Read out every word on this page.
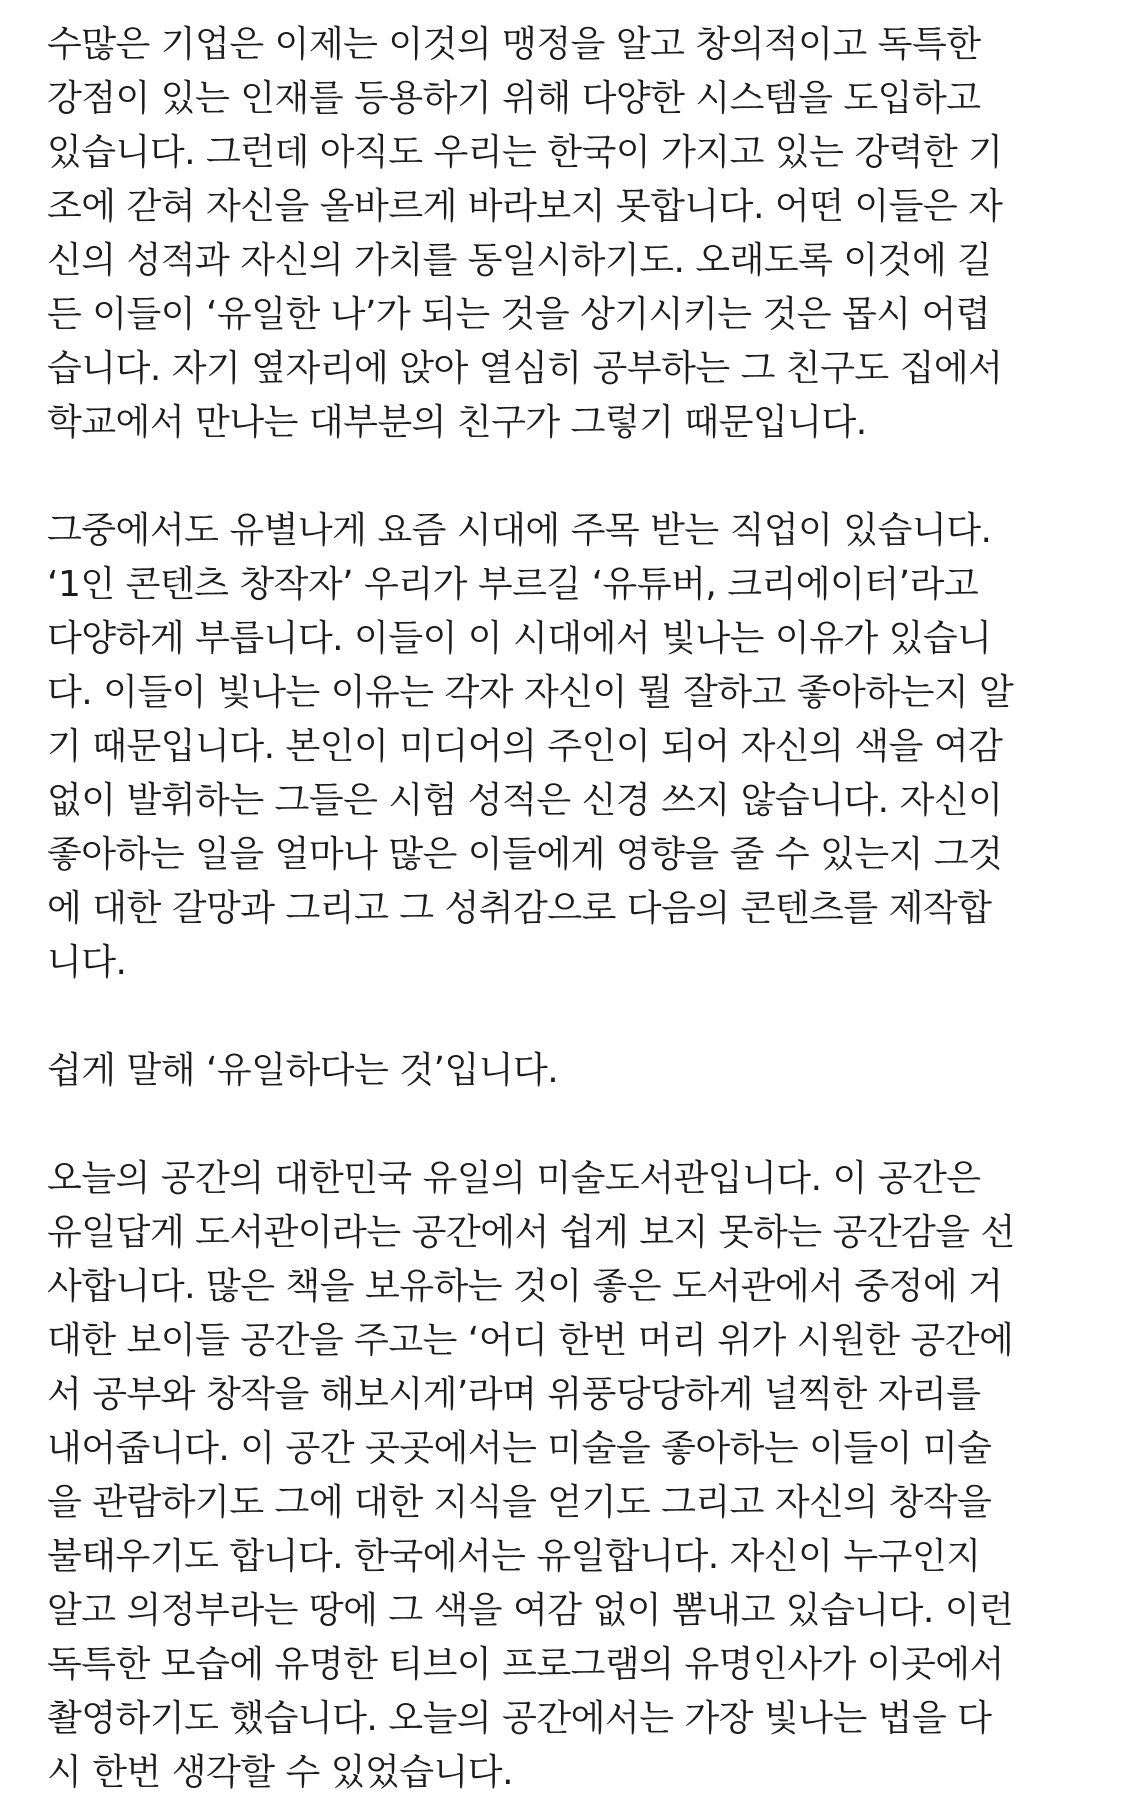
수많은 기업은 이제는 이것의 맹정을 알고 창의적이고 독특한
강점이 있는 인재를 등용하기 위해 다양한 시스템을 도입하고
있습니다. 그런데 아직도 우리는 한국이 가지고 있는 강력한 기
조에 갇혀 자신을 올바르게 바라보지 못합니다. 어떤 이들은 자
신의 성적과 자신의 가치를 동일시하기도. 오래도록 이것에 길
든 이들이 ‘유일한 나’가 되는 것을 상기시키는 것은 몹시 어렵
습니다. 자기 옆자리에 앉아 열심히 공부하는 그 친구도 집에서
학교에서 만나는 대부분의 친구가 그렇기 때문입니다.
그중에서도 유별나게 요즘 시대에 주목 받는 직업이 있습니다.
‘1인 콘텐츠 창작자’ 우리가 부르길 ‘유튜버, 크리에이터’라고
다양하게 부릅니다. 이들이 이 시대에서 빛나는 이유가 있습니
다. 이들이 빛나는 이유는 각자 자신이 뭘 잘하고 좋아하는지 알
기 때문입니다. 본인이 미디어의 주인이 되어 자신의 색을 여감
없이 발휘하는 그들은 시험 성적은 신경 쓰지 않습니다. 자신이
좋아하는 일을 얼마나 많은 이들에게 영향을 줄 수 있는지 그것
에 대한 갈망과 그리고 그 성취감으로 다음의 콘텐츠를 제작합
니다.
쉽게 말해 ‘유일하다는 것’입니다.
오늘의 공간의 대한민국 유일의 미술도서관입니다. 이 공간은
유일답게 도서관이라는 공간에서 쉽게 보지 못하는 공간감을 선
사합니다. 많은 책을 보유하는 것이 좋은 도서관에서 중정에 거
대한 보이들 공간을 주고는 ‘어디 한번 머리 위가 시원한 공간에
서 공부와 창작을 해보시게’라며 위풍당당하게 널찍한 자리를
내어줍니다. 이 공간 곳곳에서는 미술을 좋아하는 이들이 미술
을 관람하기도 그에 대한 지식을 얻기도 그리고 자신의 창작을
불태우기도 합니다. 한국에서는 유일합니다. 자신이 누구인지
알고 의정부라는 땅에 그 색을 여감 없이 뽐내고 있습니다. 이런
독특한 모습에 유명한 티브이 프로그램의 유명인사가 이곳에서
촬영하기도 했습니다. 오늘의 공간에서는 가장 빛나는 법을 다
시 한번 생각할 수 있었습니다.
